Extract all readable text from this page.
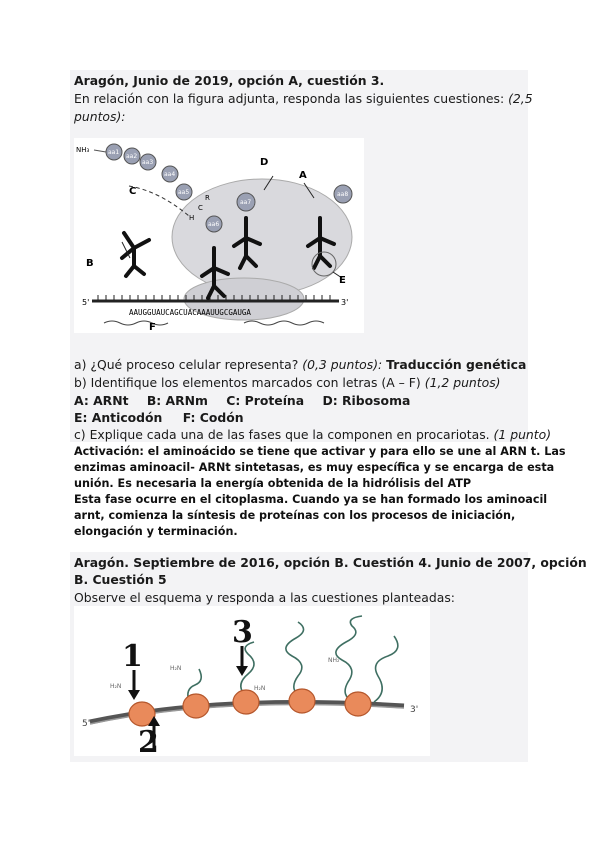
Aragón, Junio de 2019, opción A, cuestión 3.
En relación con la figura adjunta, responda las siguientes cuestiones: (2,5
puntos):
5'	3'
AAUGGUAUCAGCUACAAAUUGCGAUGA
NH₃	aa1
aa2
aa3
aa4
aa5
aa6
aa7
aa8
R
C
H
D
A
C
B
E
F
a) ¿Qué proceso celular representa? (0,3 puntos): Traducción genética
b) Identifique los elementos marcados con letras (A – F) (1,2 puntos)
A: ARNt B: ARNm C: Proteína D: Ribosoma
E: Anticodón F: Codón
c) Explique cada una de las fases que la componen en procariotas. (1 punto)
Activación: el aminoácido se tiene que activar y para ello se une al ARN t. Las
enzimas aminoacil- ARNt sintetasas, es muy específica y se encarga de esta
unión. Es necesaria la energía obtenida de la hidrólisis del ATP
Esta fase ocurre en el citoplasma. Cuando ya se han formado los aminoacil
arnt, comienza la síntesis de proteínas con los procesos de iniciación,
elongación y terminación.
Aragón. Septiembre de 2016, opción B. Cuestión 4. Junio de 2007, opción
B. Cuestión 5
Observe el esquema y responda a las cuestiones planteadas:
5'
3'
H₂N
H₂N	H₂N
NH₂
1
2
3
